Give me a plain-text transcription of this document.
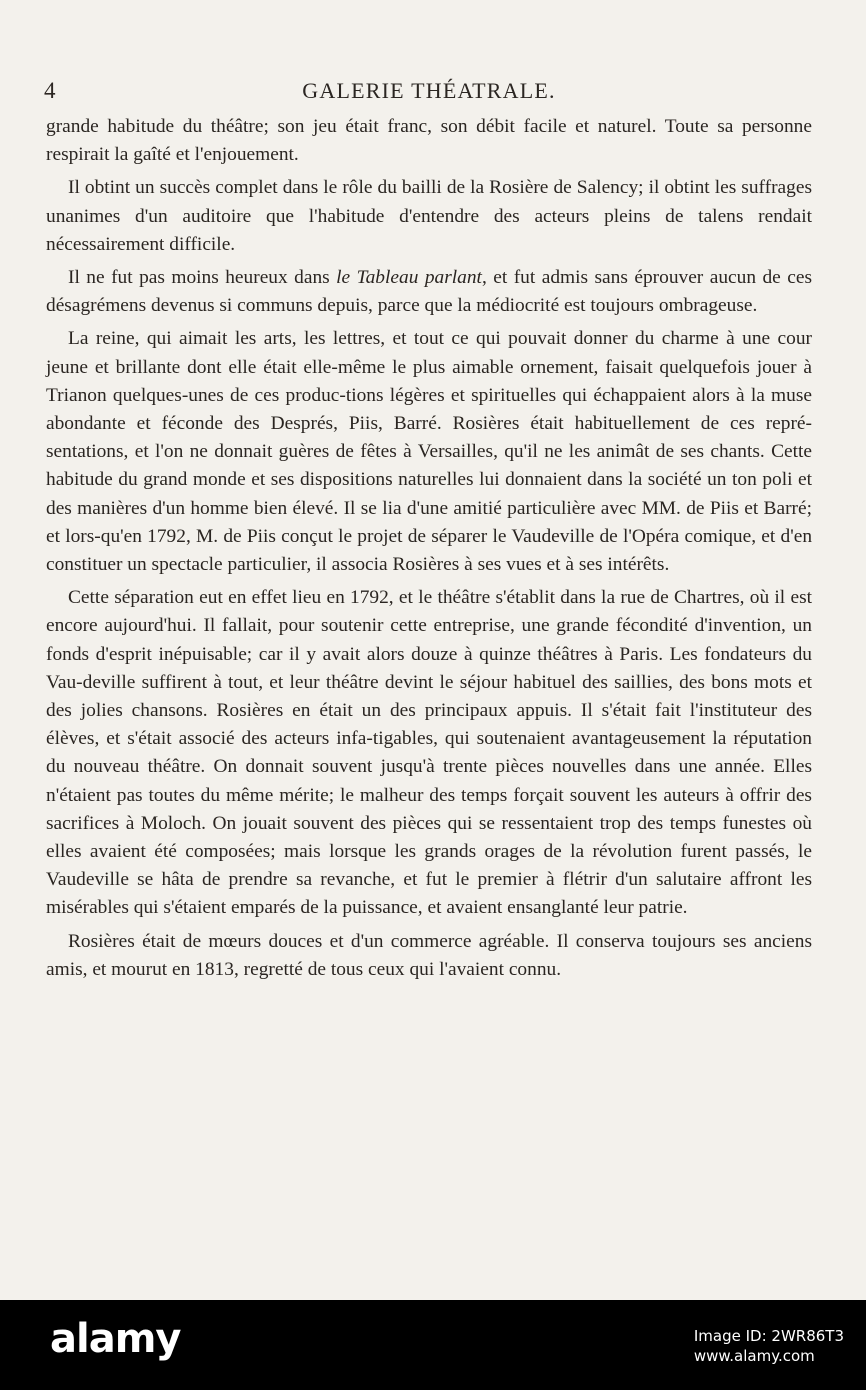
4	GALERIE THÉATRALE.

grande habitude du théâtre; son jeu était franc, son débit facile et naturel. Toute sa personne respirait la gaîté et l'enjouement.

Il obtint un succès complet dans le rôle du bailli de la Rosière de Salency; il obtint les suffrages unanimes d'un auditoire que l'habitude d'entendre des acteurs pleins de talens rendait nécessairement difficile.

Il ne fut pas moins heureux dans le Tableau parlant, et fut admis sans éprouver aucun de ces désagrémens devenus si communs depuis, parce que la médiocrité est toujours ombrageuse.

La reine, qui aimait les arts, les lettres, et tout ce qui pouvait donner du charme à une cour jeune et brillante dont elle était elle-même le plus aimable ornement, faisait quelquefois jouer à Trianon quelques-unes de ces produc-tions légères et spirituelles qui échappaient alors à la muse abondante et féconde des Després, Piis, Barré. Rosières était habituellement de ces repré-sentations, et l'on ne donnait guères de fêtes à Versailles, qu'il ne les animât de ses chants. Cette habitude du grand monde et ses dispositions naturelles lui donnaient dans la société un ton poli et des manières d'un homme bien élevé. Il se lia d'une amitié particulière avec MM. de Piis et Barré; et lors-qu'en 1792, M. de Piis conçut le projet de séparer le Vaudeville de l'Opéra comique, et d'en constituer un spectacle particulier, il associa Rosières à ses vues et à ses intérêts.

Cette séparation eut en effet lieu en 1792, et le théâtre s'établit dans la rue de Chartres, où il est encore aujourd'hui. Il fallait, pour soutenir cette entreprise, une grande fécondité d'invention, un fonds d'esprit inépuisable; car il y avait alors douze à quinze théâtres à Paris. Les fondateurs du Vau-deville suffirent à tout, et leur théâtre devint le séjour habituel des saillies, des bons mots et des jolies chansons. Rosières en était un des principaux appuis. Il s'était fait l'instituteur des élèves, et s'était associé des acteurs infa-tigables, qui soutenaient avantageusement la réputation du nouveau théâtre. On donnait souvent jusqu'à trente pièces nouvelles dans une année. Elles n'étaient pas toutes du même mérite; le malheur des temps forçait souvent les auteurs à offrir des sacrifices à Moloch. On jouait souvent des pièces qui se ressentaient trop des temps funestes où elles avaient été composées; mais lorsque les grands orages de la révolution furent passés, le Vaudeville se hâta de prendre sa revanche, et fut le premier à flétrir d'un salutaire affront les misérables qui s'étaient emparés de la puissance, et avaient ensanglanté leur patrie.

Rosières était de mœurs douces et d'un commerce agréable. Il conserva toujours ses anciens amis, et mourut en 1813, regretté de tous ceux qui l'avaient connu.

alamy	Image ID: 2WR86T3
www.alamy.com
